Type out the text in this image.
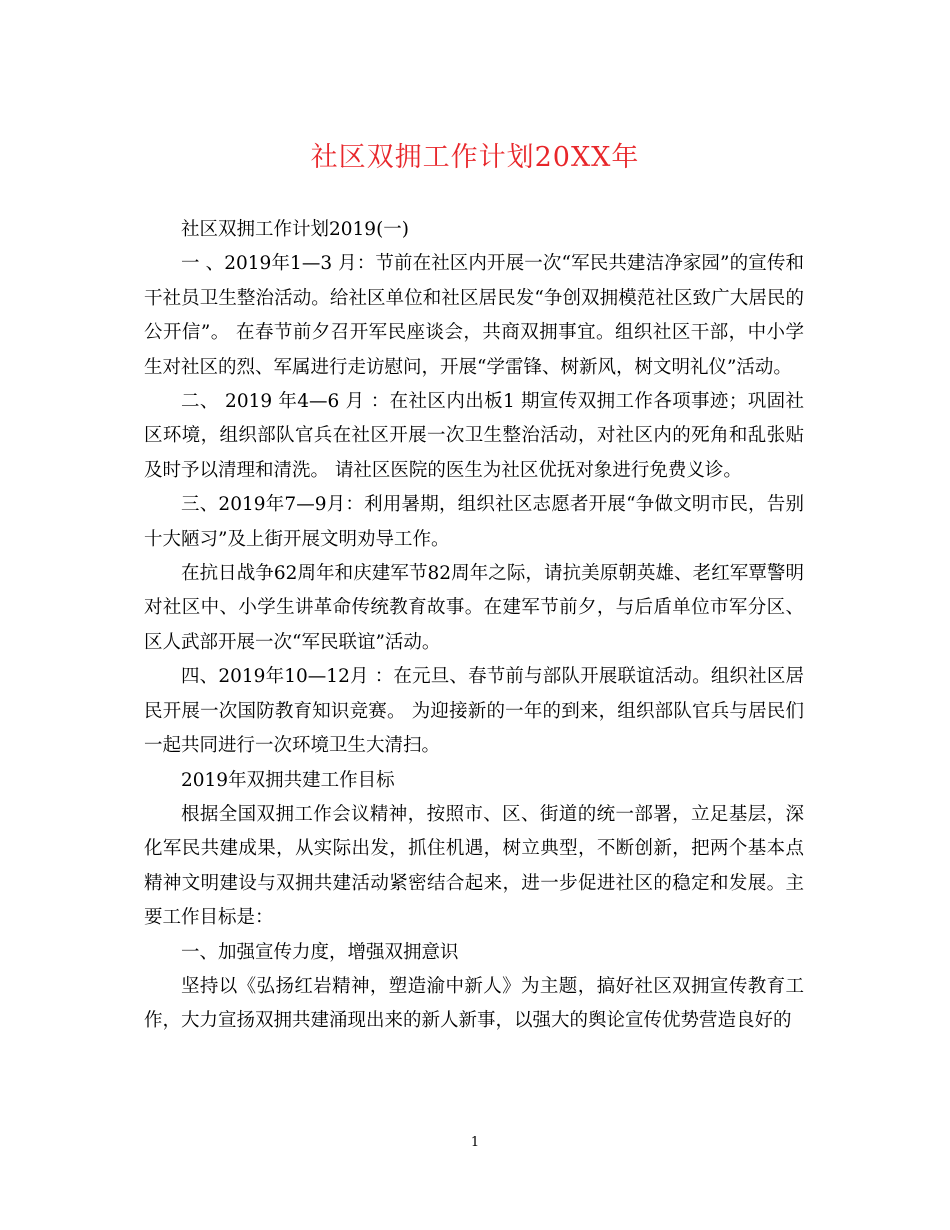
社区双拥工作计划20XX年

社区双拥工作计划2019(一)

一 、2019年1—3 月：节前在社区内开展一次“军民共建洁净家园”的宣传和干社员卫生整治活动。给社区单位和社区居民发“争创双拥模范社区致广大居民的公开信”。 在春节前夕召开军民座谈会，共商双拥事宜。组织社区干部，中小学生对社区的烈、军属进行走访慰问，开展“学雷锋、树新风，树文明礼仪”活动。

二、 2019 年4—6 月 ：在社区内出板1 期宣传双拥工作各项事迹；巩固社区环境，组织部队官兵在社区开展一次卫生整治活动，对社区内的死角和乱张贴及时予以清理和清洗。 请社区医院的医生为社区优抚对象进行免费义诊。

三、2019年7—9月：利用暑期，组织社区志愿者开展“争做文明市民，告别十大陋习”及上街开展文明劝导工作。

在抗日战争62周年和庆建军节82周年之际，请抗美原朝英雄、老红军覃警明对社区中、小学生讲革命传统教育故事。在建军节前夕，与后盾单位市军分区、区人武部开展一次“军民联谊”活动。

四、2019年10—12月 ：在元旦、春节前与部队开展联谊活动。组织社区居民开展一次国防教育知识竞赛。 为迎接新的一年的到来，组织部队官兵与居民们一起共同进行一次环境卫生大清扫。

2019年双拥共建工作目标

根据全国双拥工作会议精神，按照市、区、街道的统一部署，立足基层，深化军民共建成果，从实际出发，抓住机遇，树立典型，不断创新，把两个基本点精神文明建设与双拥共建活动紧密结合起来，进一步促进社区的稳定和发展。主要工作目标是：

一、加强宣传力度，增强双拥意识

坚持以《弘扬红岩精神，塑造渝中新人》为主题，搞好社区双拥宣传教育工作，大力宣扬双拥共建涌现出来的新人新事，以强大的舆论宣传优势营造良好的

1
